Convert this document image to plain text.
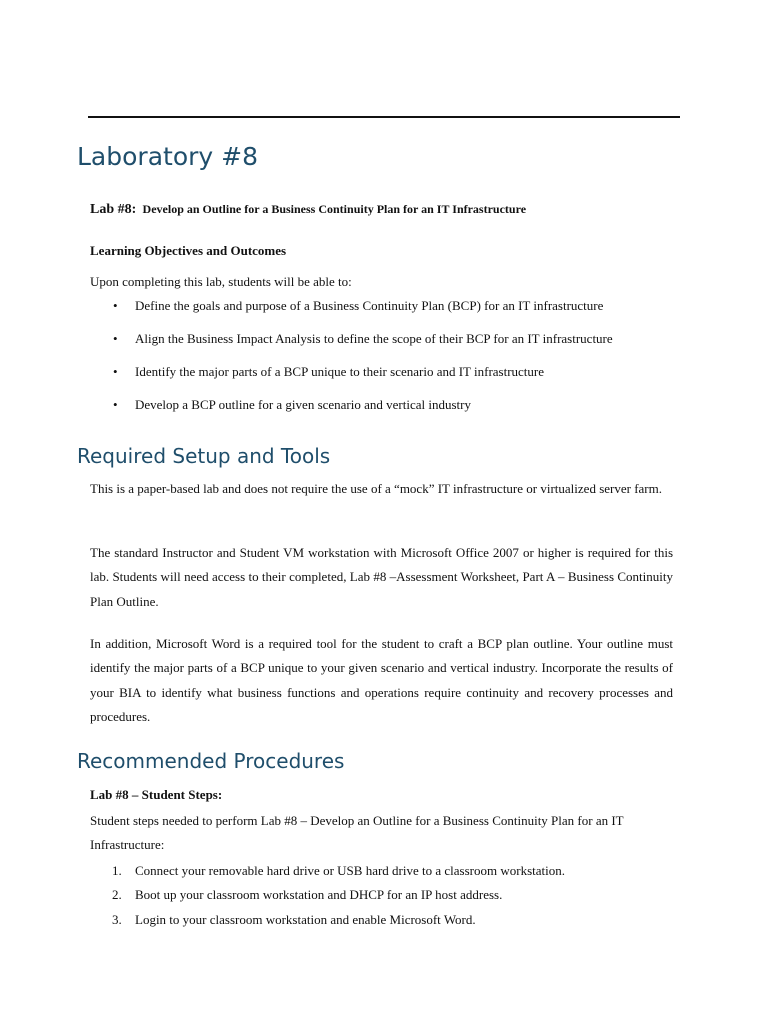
Laboratory #8
Lab #8: Develop an Outline for a Business Continuity Plan for an IT Infrastructure
Learning Objectives and Outcomes
Upon completing this lab, students will be able to:
• Define the goals and purpose of a Business Continuity Plan (BCP) for an IT infrastructure
• Align the Business Impact Analysis to define the scope of their BCP for an IT infrastructure
• Identify the major parts of a BCP unique to their scenario and IT infrastructure
• Develop a BCP outline for a given scenario and vertical industry
Required Setup and Tools

This is a paper-based lab and does not require the use of a “mock” IT infrastructure or virtualized server farm.

The standard Instructor and Student VM workstation with Microsoft Office 2007 or higher is required for this lab. Students will need access to their completed, Lab #8 –Assessment Worksheet, Part A – Business Continuity Plan Outline.

In addition, Microsoft Word is a required tool for the student to craft a BCP plan outline. Your outline must identify the major parts of a BCP unique to your given scenario and vertical industry. Incorporate the results of your BIA to identify what business functions and operations require continuity and recovery processes and procedures.

Recommended Procedures
Lab #8 – Student Steps:

Student steps needed to perform Lab #8 – Develop an Outline for a Business Continuity Plan for an IT Infrastructure:

1. Connect your removable hard drive or USB hard drive to a classroom workstation.
2. Boot up your classroom workstation and DHCP for an IP host address.
3. Login to your classroom workstation and enable Microsoft Word.
